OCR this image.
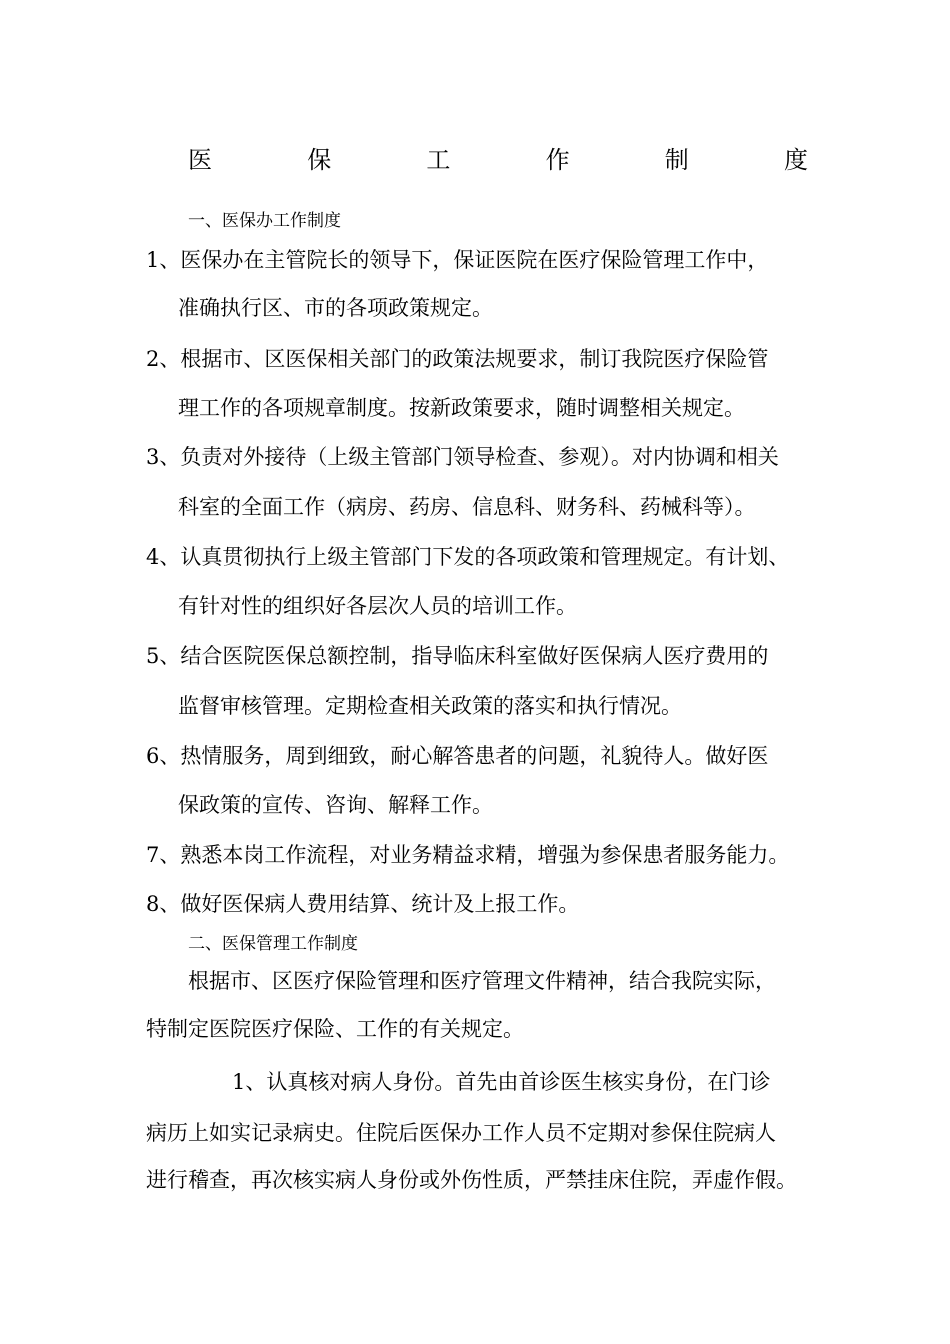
医	保	工	作	制	度
一、医保办工作制度
1、医保办在主管院长的领导下，保证医院在医疗保险管理工作中，
准确执行区、市的各项政策规定。
2、根据市、区医保相关部门的政策法规要求，制订我院医疗保险管
理工作的各项规章制度。按新政策要求，随时调整相关规定。
3、负责对外接待（上级主管部门领导检查、参观）。对内协调和相关
科室的全面工作（病房、药房、信息科、财务科、药械科等）。
4、认真贯彻执行上级主管部门下发的各项政策和管理规定。有计划、
有针对性的组织好各层次人员的培训工作。
5、结合医院医保总额控制，指导临床科室做好医保病人医疗费用的
监督审核管理。定期检查相关政策的落实和执行情况。
6、热情服务，周到细致，耐心解答患者的问题，礼貌待人。做好医
保政策的宣传、咨询、解释工作。
7、熟悉本岗工作流程，对业务精益求精，增强为参保患者服务能力。
8、做好医保病人费用结算、统计及上报工作。
二、医保管理工作制度
根据市、区医疗保险管理和医疗管理文件精神，结合我院实际，
特制定医院医疗保险、工作的有关规定。
1、认真核对病人身份。首先由首诊医生核实身份，在门诊
病历上如实记录病史。住院后医保办工作人员不定期对参保住院病人
进行稽查，再次核实病人身份或外伤性质，严禁挂床住院，弄虚作假。
